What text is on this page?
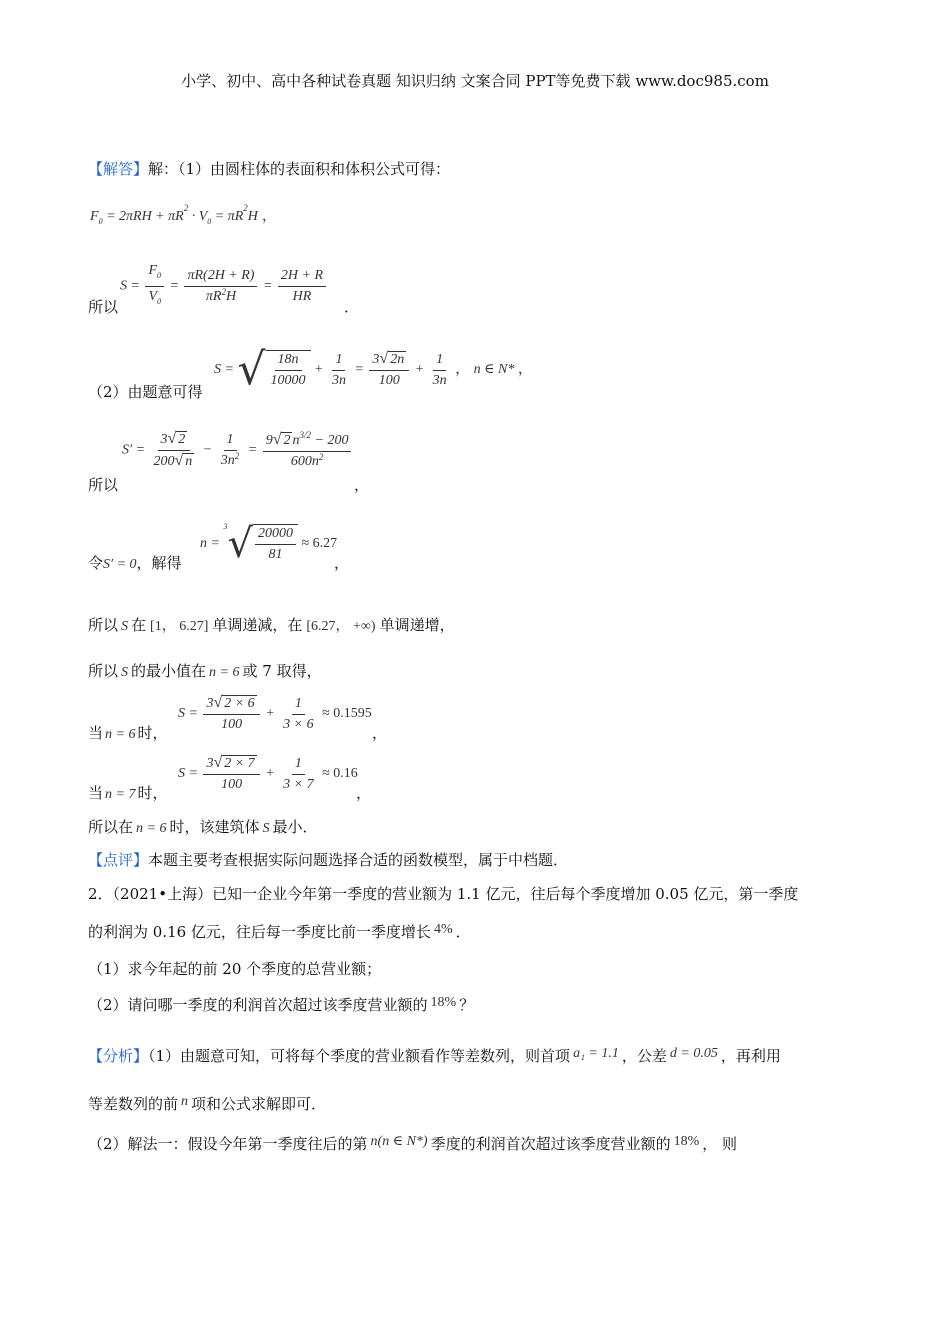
小学、初中、高中各种试卷真题 知识归纳 文案合同 PPT等免费下载 www.doc985.com
【解答】解：（1）由圆柱体的表面积和体积公式可得：
$F_0 = 2\pi RH + \pi R^2 \cdot V_0 = \pi R^2H$ ，
$S = \frac{F_0}{V_0} = \frac{\pi R(2H + R)}{\pi R^2H} = \frac{2H + R}{HR}$
所以	．
（2）由题意可得
S = √ $\frac{18n}{10000} + \frac{1}{3n} = \frac{3√ 2n}{100} + \frac{1}{3n}$ ， n ∈ N* ，
所以
$S' = \frac{3√ 2}{200√ n} - \frac{1}{3n^2} = \frac{9√ 2 n^{3/2} - 200}{600n^2}$
，
令S′ = 0，解得
$n = ^3√ \frac{20000}{81} \approx 6.27$
，
所以 S 在 [1， 6.27] 单调递减，在 [6.27， +∞) 单调递增，
所以 S 的最小值在 n = 6 或 7 取得，
当 n = 6 时，
$S = \frac{3√ 2 \times 6}{100} + \frac{1}{3 \times 6} \approx 0.1595$
，
当 n = 7 时，
$S = \frac{3√ 2 \times 7}{100} + \frac{1}{3 \times 7} \approx 0.16$
，
所以在 n = 6 时，该建筑体 S 最小．
【点评】本题主要考查根据实际问题选择合适的函数模型，属于中档题．
2．（2021•上海）已知一企业今年第一季度的营业额为 1.1 亿元，往后每个季度增加 0.05 亿元，第一季度
的利润为 0.16 亿元，往后每一季度比前一季度增长 4% ．
（1）求今年起的前 20 个季度的总营业额；
（2）请问哪一季度的利润首次超过该季度营业额的 18% ？
【分析】（1）由题意可知，可将每个季度的营业额看作等差数列，则首项 a₁ = 1.1 ，公差 d = 0.05 ，再利用
等差数列的前 n 项和公式求解即可．
（2）解法一：假设今年第一季度往后的第 n(n ∈ N*) 季度的利润首次超过该季度营业额的 18% ， 则
